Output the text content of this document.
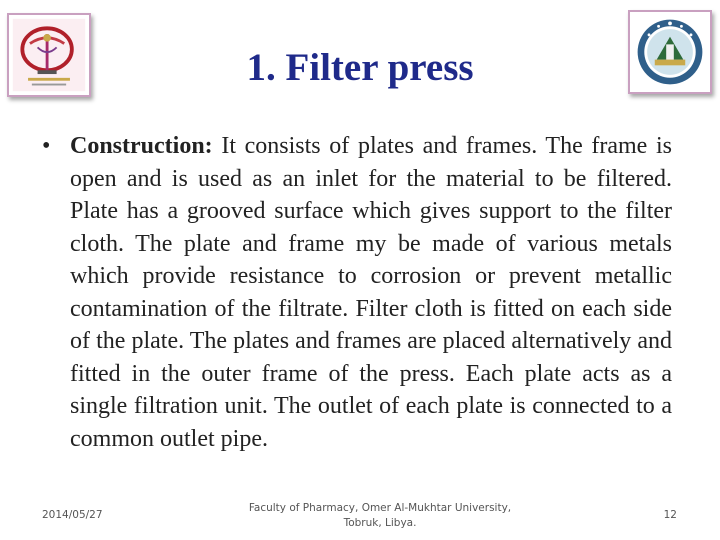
1. Filter press
• Construction: It consists of plates and frames. The frame is open and is used as an inlet for the material to be filtered. Plate has a grooved surface which gives support to the filter cloth. The plate and frame my be made of various metals which provide resistance to corrosion or prevent metallic contamination of the filtrate. Filter cloth is fitted on each side of the plate. The plates and frames are placed alternatively and fitted in the outer frame of the press. Each plate acts as a single filtration unit. The outlet of each plate is connected to a common outlet pipe.
2014/05/27
Faculty of Pharmacy, Omer Al-Mukhtar University,
Tobruk, Libya.
12
